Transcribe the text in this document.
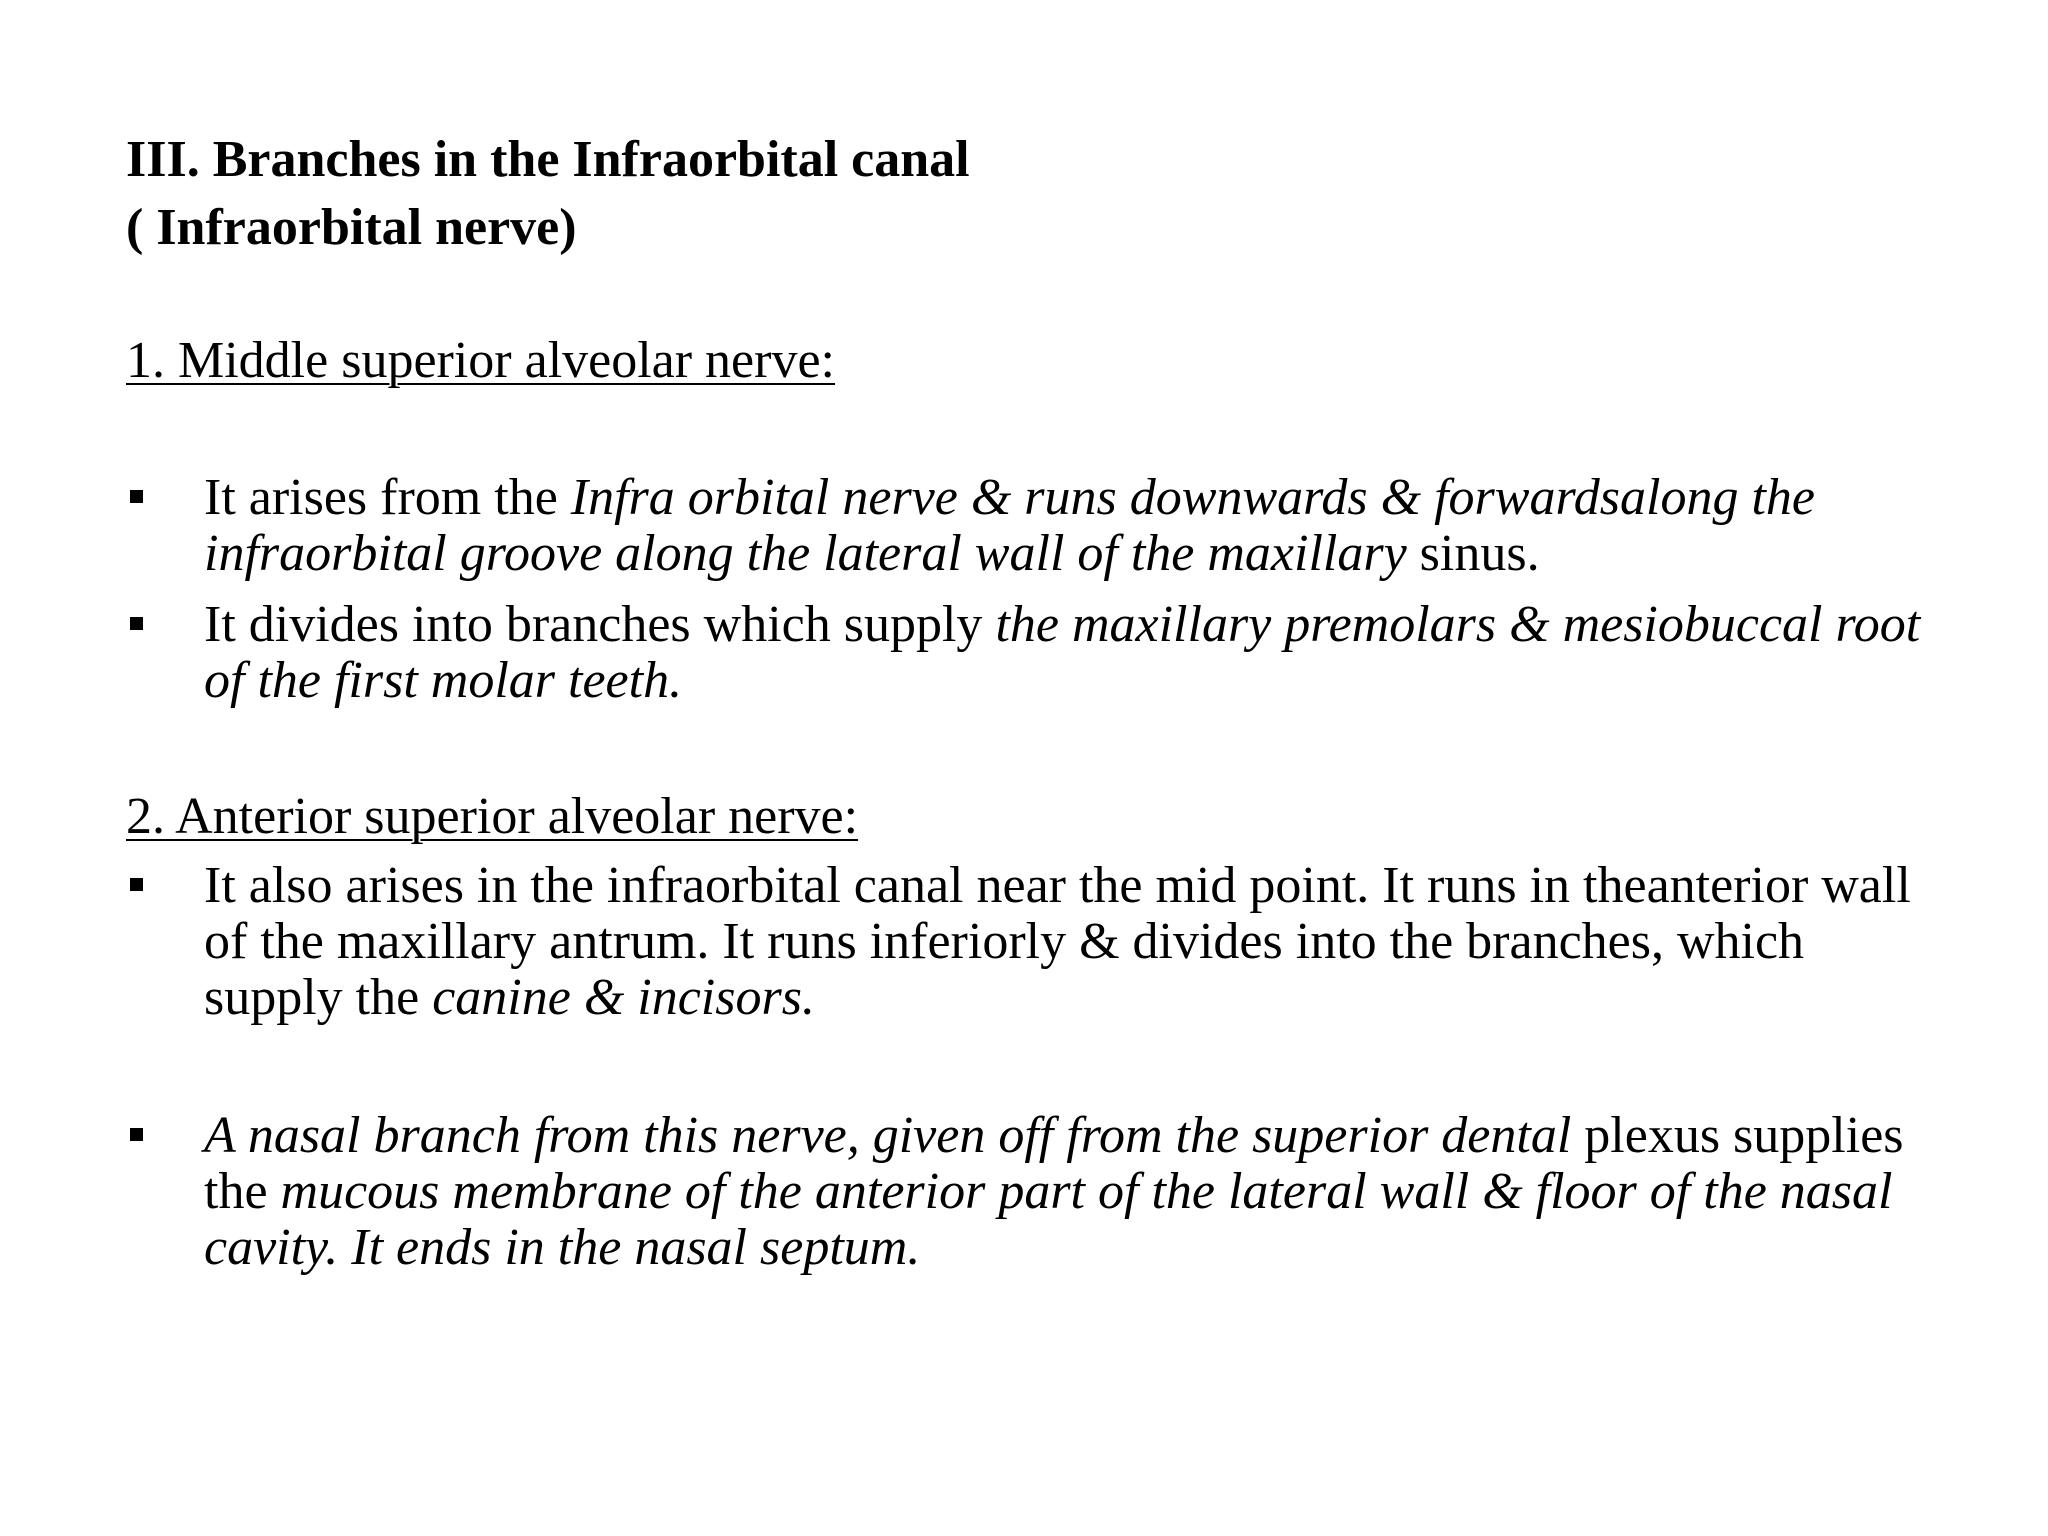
III. Branches in the Infraorbital canal
( Infraorbital nerve)
1. Middle superior alveolar nerve:
It arises from the Infra orbital nerve & runs downwards & forwardsalong the infraorbital groove along the lateral wall of the maxillary sinus.
It divides into branches which supply the maxillary premolars & mesiobuccal root of the first molar teeth.
2. Anterior superior alveolar nerve:
It also arises in the infraorbital canal near the mid point. It runs in theanterior wall of the maxillary antrum. It runs inferiorly & divides into the branches, which supply the canine & incisors.
A nasal branch from this nerve, given off from the superior dental plexus supplies the mucous membrane of the anterior part of the lateral wall & floor of the nasal cavity. It ends in the nasal septum.
